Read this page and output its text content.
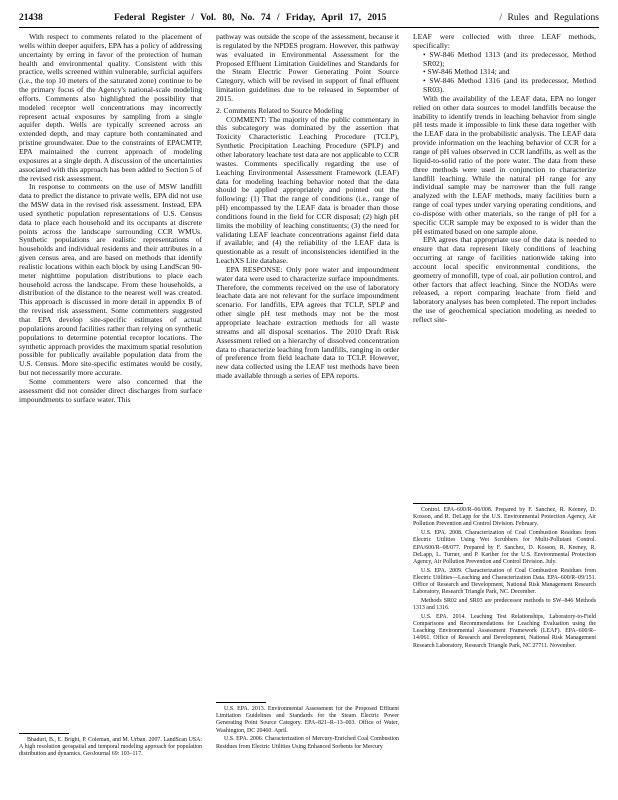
21438	Federal Register / Vol. 80, No. 74 / Friday, April 17, 2015	/ Rules and Regulations

With respect to comments related to the placement of wells within deeper aquifers, EPA has a policy of addressing uncertainty by erring in favor of the protection of human health and environmental quality. Consistent with this practice, wells screened within vulnerable, surficial aquifers (i.e., the top 10 meters of the saturated zone) continue to be the primary focus of the Agency's national-scale modeling efforts. Comments also highlighted the possibility that modeled receptor well concentrations may incorrectly represent actual exposures by sampling from a single aquifer depth. Wells are typically screened across an extended depth, and may capture both contaminated and pristine groundwater. Due to the constraints of EPACMTP, EPA maintained the current approach of modeling exposures at a single depth. A discussion of the uncertainties associated with this approach has been added to Section 5 of the revised risk assessment.

In response to comments on the use of MSW landfill data to predict the distance to private wells, EPA did not use the MSW data in the revised risk assessment. Instead, EPA used synthetic population representations of U.S. Census data to place each household and its occupants at discrete points across the landscape surrounding CCR WMUs. Synthetic populations are realistic representations of households and individual residents and their attributes in a given census area, and are based on methods that identify realistic locations within each block by using LandScan 90-meter nighttime population distributions to place each household across the landscape. From these households, a distribution of the distance to the nearest well was created. This approach is discussed in more detail in appendix B of the revised risk assessment. Some commenters suggested that EPA develop site-specific estimates of actual populations around facilities rather than relying on synthetic populations to determine potential receptor locations. The synthetic approach provides the maximum spatial resolution possible for publically available population data from the U.S. Census. More site-specific estimates would be costly, but not necessarily more accurate.

Some commenters were also concerned that the assessment did not consider direct discharges from surface impoundments to surface water. This

pathway was outside the scope of the assessment, because it is regulated by the NPDES program. However, this pathway was evaluated in Environmental Assessment for the Proposed Effluent Limitation Guidelines and Standards for the Steam Electric Power Generating Point Source Category, which will be revised in support of final effluent limitation guidelines due to be released in September of 2015.

2. Comments Related to Source Modeling

COMMENT: The majority of the public commentary in this subcategory was dominated by the assertion that Toxicity Characteristic Leaching Procedure (TCLP), Synthetic Precipitation Leaching Procedure (SPLP) and other laboratory leachate test data are not applicable to CCR wastes. Comments specifically regarding the use of Leaching Environmental Assessment Framework (LEAF) data for modeling leaching behavior noted that the data should be applied appropriately and pointed out the following: (1) That the range of conditions (i.e., range of pH) encompassed by the LEAF data is broader than those conditions found in the field for CCR disposal; (2) high pH limits the mobility of leaching constituents; (3) the need for validating LEAF leachate concentrations against field data if available; and (4) the reliability of the LEAF data is questionable as a result of inconsistencies identified in the LeachXS Lite database.

EPA RESPONSE: Only pore water and impoundment water data were used to characterize surface impoundments. Therefore, the comments received on the use of laboratory leachate data are not relevant for the surface impoundment scenario. For landfills, EPA agrees that TCLP, SPLP and other single pH test methods may not be the most appropriate leachate extraction methods for all waste streams and all disposal scenarios. The 2010 Draft Risk Assessment relied on a hierarchy of dissolved concentration data to characterize leaching from landfills, ranging in order of preference from field leachate data to TCLP. However, new data collected using the LEAF test methods have been made available through a series of EPA reports.

LEAF were collected with three LEAF methods, specifically:

• SW-846 Method 1313 (and its predecessor, Method SR02);

• SW-846 Method 1314; and

• SW-846 Method 1316 (and its predecessor, Method SR03).

With the availability of the LEAF data, EPA no longer relied on other data sources to model landfills because the inability to identify trends in leaching behavior from single pH tests made it impossible to link these data together with the LEAF data in the probabilistic analysis. The LEAF data provide information on the leaching behavior of CCR for a range of pH values observed in CCR landfills, as well as the liquid-to-solid ratio of the pore water. The data from these three methods were used in conjunction to characterize landfill leaching. While the natural pH range for any individual sample may be narrower than the full range analyzed with the LEAF methods, many facilities burn a range of coal types under varying operating conditions, and co-dispose with other materials, so the range of pH for a specific CCR sample may be exposed to is wider than the pH estimated based on one sample alone.

EPA agrees that appropriate use of the data is needed to ensure that data represent likely conditions of leaching occurring at range of facilities nationwide taking into account local specific environmental conditions, the geometry of monofill, type of coal, air pollution control, and other factors that affect leaching. Since the NODAs were released, a report comparing leachate from field and laboratory analyses has been completed. The report includes the use of geochemical speciation modeling as needed to reflect site-

Bhaduri, B., E. Bright, P. Coleman, and M. Urban. 2007. LandScan USA: A high resolution geospatial and temporal modeling approach for population distribution and dynamics. GeoJournal 69: 103–117.

U.S. EPA. 2013. Environmental Assessment for the Proposed Effluent Limitation Guidelines and Standards for the Steam Electric Power Generating Point Source Category. EPA–821–R–13–003. Office of Water, Washington, DC 20460. April.

U.S. EPA. 2006. Characterization of Mercury-Enriched Coal Combustion Residues from Electric Utilities Using Enhanced Sorbents for Mercury

Control. EPA–600/R–06/008. Prepared by F. Sanchez, R. Keeney, D. Kosson, and R. DeLapp for the U.S. Environmental Protection Agency, Air Pollution Prevention and Control Division. February.

U.S. EPA. 2008. Characterization of Coal Combustion Residues from Electric Utilities Using Wet Scrubbers for Multi-Pollutant Control. EPA/600/R–08/077. Prepared by F. Sanchez, D. Kosson, R. Keeney, R. DeLapp, L. Turner, and P. Kariher for the U.S. Environmental Protection Agency, Air Pollution Prevention and Control Division. July.

U.S. EPA. 2009. Characterization of Coal Combustion Residues from Electric Utilities—Leaching and Characterization Data. EPA–600/R–09/151. Office of Research and Development, National Risk Management Research Laboratory, Research Triangle Park, NC. December.

Methods SR02 and SR03 are predecessor methods to SW–846 Methods 1313 and 1316.

U.S. EPA. 2014. Leaching Test Relationships, Laboratory-to-Field Comparisons and Recommendations for Leaching Evaluation using the Leaching Environmental Assessment Framework (LEAF). EPA–600/R–14/061. Office of Research and Development, National Risk Management Research Laboratory, Research Triangle Park, NC 27711. November.
